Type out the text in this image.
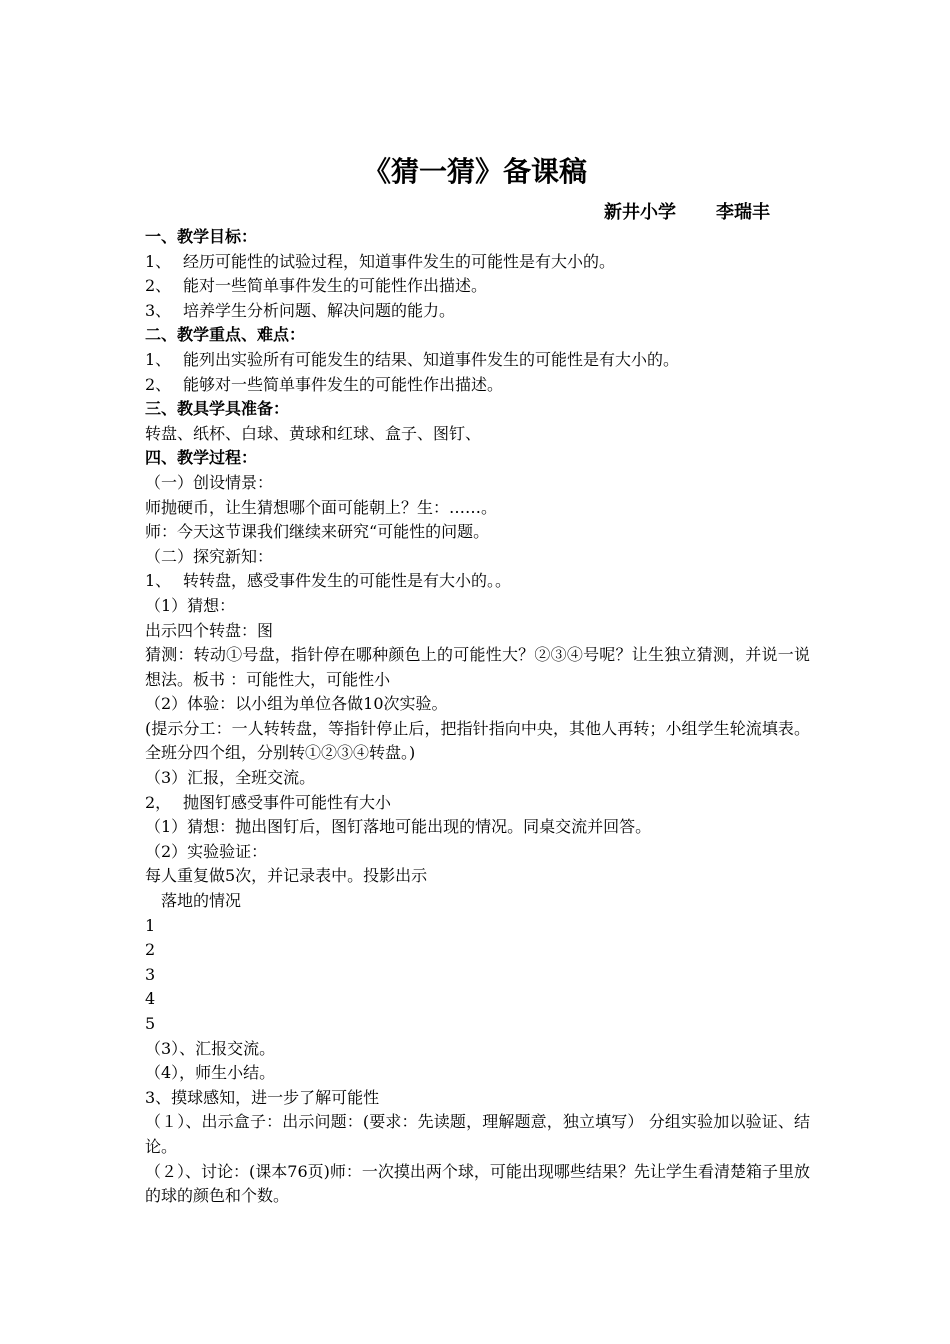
《猜一猜》备课稿
新井小学 李瑞丰
一、教学目标：
1、 经历可能性的试验过程，知道事件发生的可能性是有大小的。
2、 能对一些简单事件发生的可能性作出描述。
3、 培养学生分析问题、解决问题的能力。
二、教学重点、难点：
1、 能列出实验所有可能发生的结果、知道事件发生的可能性是有大小的。
2、 能够对一些简单事件发生的可能性作出描述。
三、教具学具准备：
转盘、纸杯、白球、黄球和红球、盒子、图钉、
四、教学过程：
（一）创设情景：
师抛硬币，让生猜想哪个面可能朝上？生：……。
师：今天这节课我们继续来研究“可能性的问题。
（二）探究新知：
1、 转转盘，感受事件发生的可能性是有大小的。。
（1）猜想：
出示四个转盘：图
猜测：转动①号盘，指针停在哪种颜色上的可能性大？②③④号呢？让生独立猜测，并说一说想法。板书 ：可能性大，可能性小
（2）体验：以小组为单位各做10次实验。
(提示分工：一人转转盘，等指针停止后，把指针指向中央，其他人再转；小组学生轮流填表。全班分四个组，分别转①②③④转盘。)
（3）汇报，全班交流。
2， 抛图钉感受事件可能性有大小
（1）猜想：抛出图钉后，图钉落地可能出现的情况。同桌交流并回答。
（2）实验验证：
每人重复做5次，并记录表中。投影出示
落地的情况
1
2
3
4
5
（3）、汇报交流。
（4），师生小结。
3、摸球感知，进一步了解可能性
（１）、出示盒子：出示问题：(要求：先读题，理解题意，独立填写） 分组实验加以验证、结论。
（２）、讨论：(课本76页)师：一次摸出两个球，可能出现哪些结果？先让学生看清楚箱子里放的球的颜色和个数。
